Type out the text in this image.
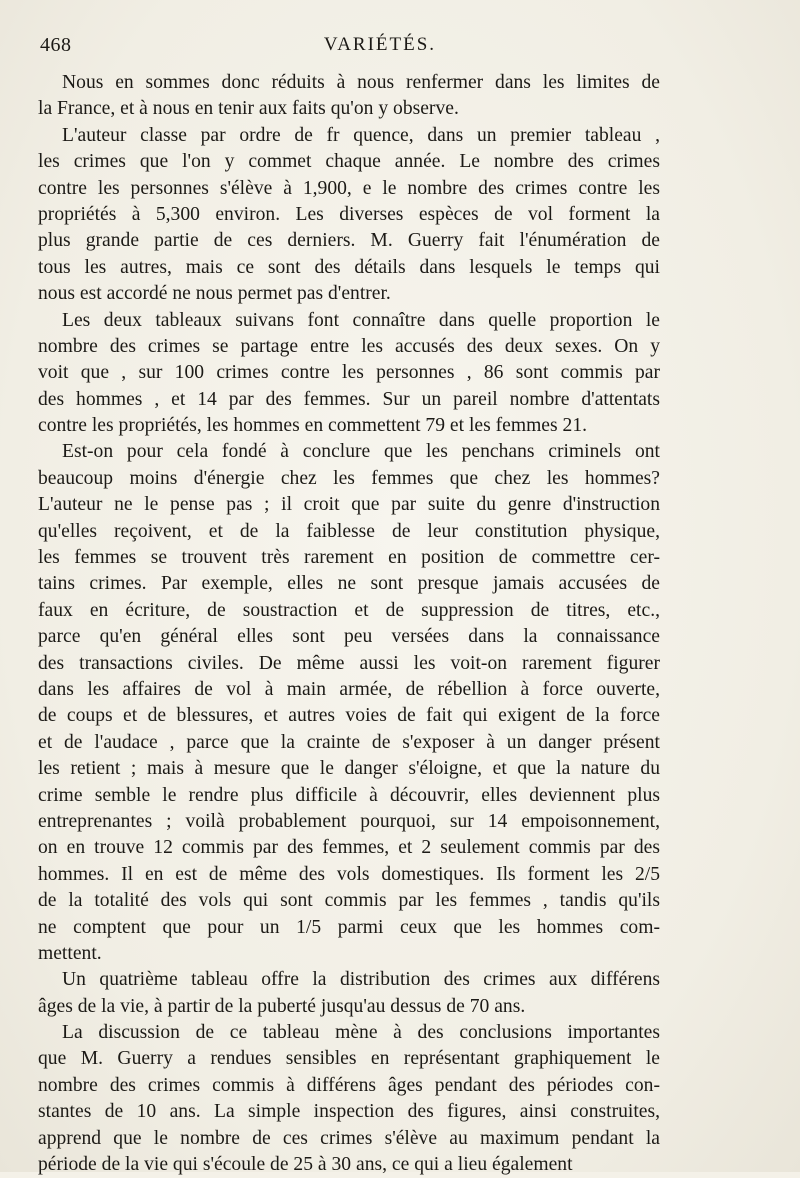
468	VARIÉTÉS.
Nous en sommes donc réduits à nous renfermer dans les limites de
la France, et à nous en tenir aux faits qu'on y observe.
L'auteur classe par ordre de fr quence, dans un premier tableau ,
les crimes que l'on y commet chaque année. Le nombre des crimes
contre les personnes s'élève à 1,900, e le nombre des crimes contre les
propriétés à 5,300 environ. Les diverses espèces de vol forment la
plus grande partie de ces derniers. M. Guerry fait l'énumération de
tous les autres, mais ce sont des détails dans lesquels le temps qui
nous est accordé ne nous permet pas d'entrer.
Les deux tableaux suivans font connaître dans quelle proportion le
nombre des crimes se partage entre les accusés des deux sexes. On y
voit que , sur 100 crimes contre les personnes , 86 sont commis par
des hommes , et 14 par des femmes. Sur un pareil nombre d'attentats
contre les propriétés, les hommes en commettent 79 et les femmes 21.
Est-on pour cela fondé à conclure que les penchans criminels ont
beaucoup moins d'énergie chez les femmes que chez les hommes?
L'auteur ne le pense pas ; il croit que par suite du genre d'instruction
qu'elles reçoivent, et de la faiblesse de leur constitution physique,
les femmes se trouvent très rarement en position de commettre cer-
tains crimes. Par exemple, elles ne sont presque jamais accusées de
faux en écriture, de soustraction et de suppression de titres, etc.,
parce qu'en général elles sont peu versées dans la connaissance
des transactions civiles. De même aussi les voit-on rarement figurer
dans les affaires de vol à main armée, de rébellion à force ouverte,
de coups et de blessures, et autres voies de fait qui exigent de la force
et de l'audace , parce que la crainte de s'exposer à un danger présent
les retient ; mais à mesure que le danger s'éloigne, et que la nature du
crime semble le rendre plus difficile à découvrir, elles deviennent plus
entreprenantes ; voilà probablement pourquoi, sur 14 empoisonnement,
on en trouve 12 commis par des femmes, et 2 seulement commis par des
hommes. Il en est de même des vols domestiques. Ils forment les 2/5
de la totalité des vols qui sont commis par les femmes , tandis qu'ils
ne comptent que pour un 1/5 parmi ceux que les hommes com-
mettent.
Un quatrième tableau offre la distribution des crimes aux différens
âges de la vie, à partir de la puberté jusqu'au dessus de 70 ans.
La discussion de ce tableau mène à des conclusions importantes
que M. Guerry a rendues sensibles en représentant graphiquement le
nombre des crimes commis à différens âges pendant des périodes con-
stantes de 10 ans. La simple inspection des figures, ainsi construites,
apprend que le nombre de ces crimes s'élève au maximum pendant la
période de la vie qui s'écoule de 25 à 30 ans, ce qui a lieu également
